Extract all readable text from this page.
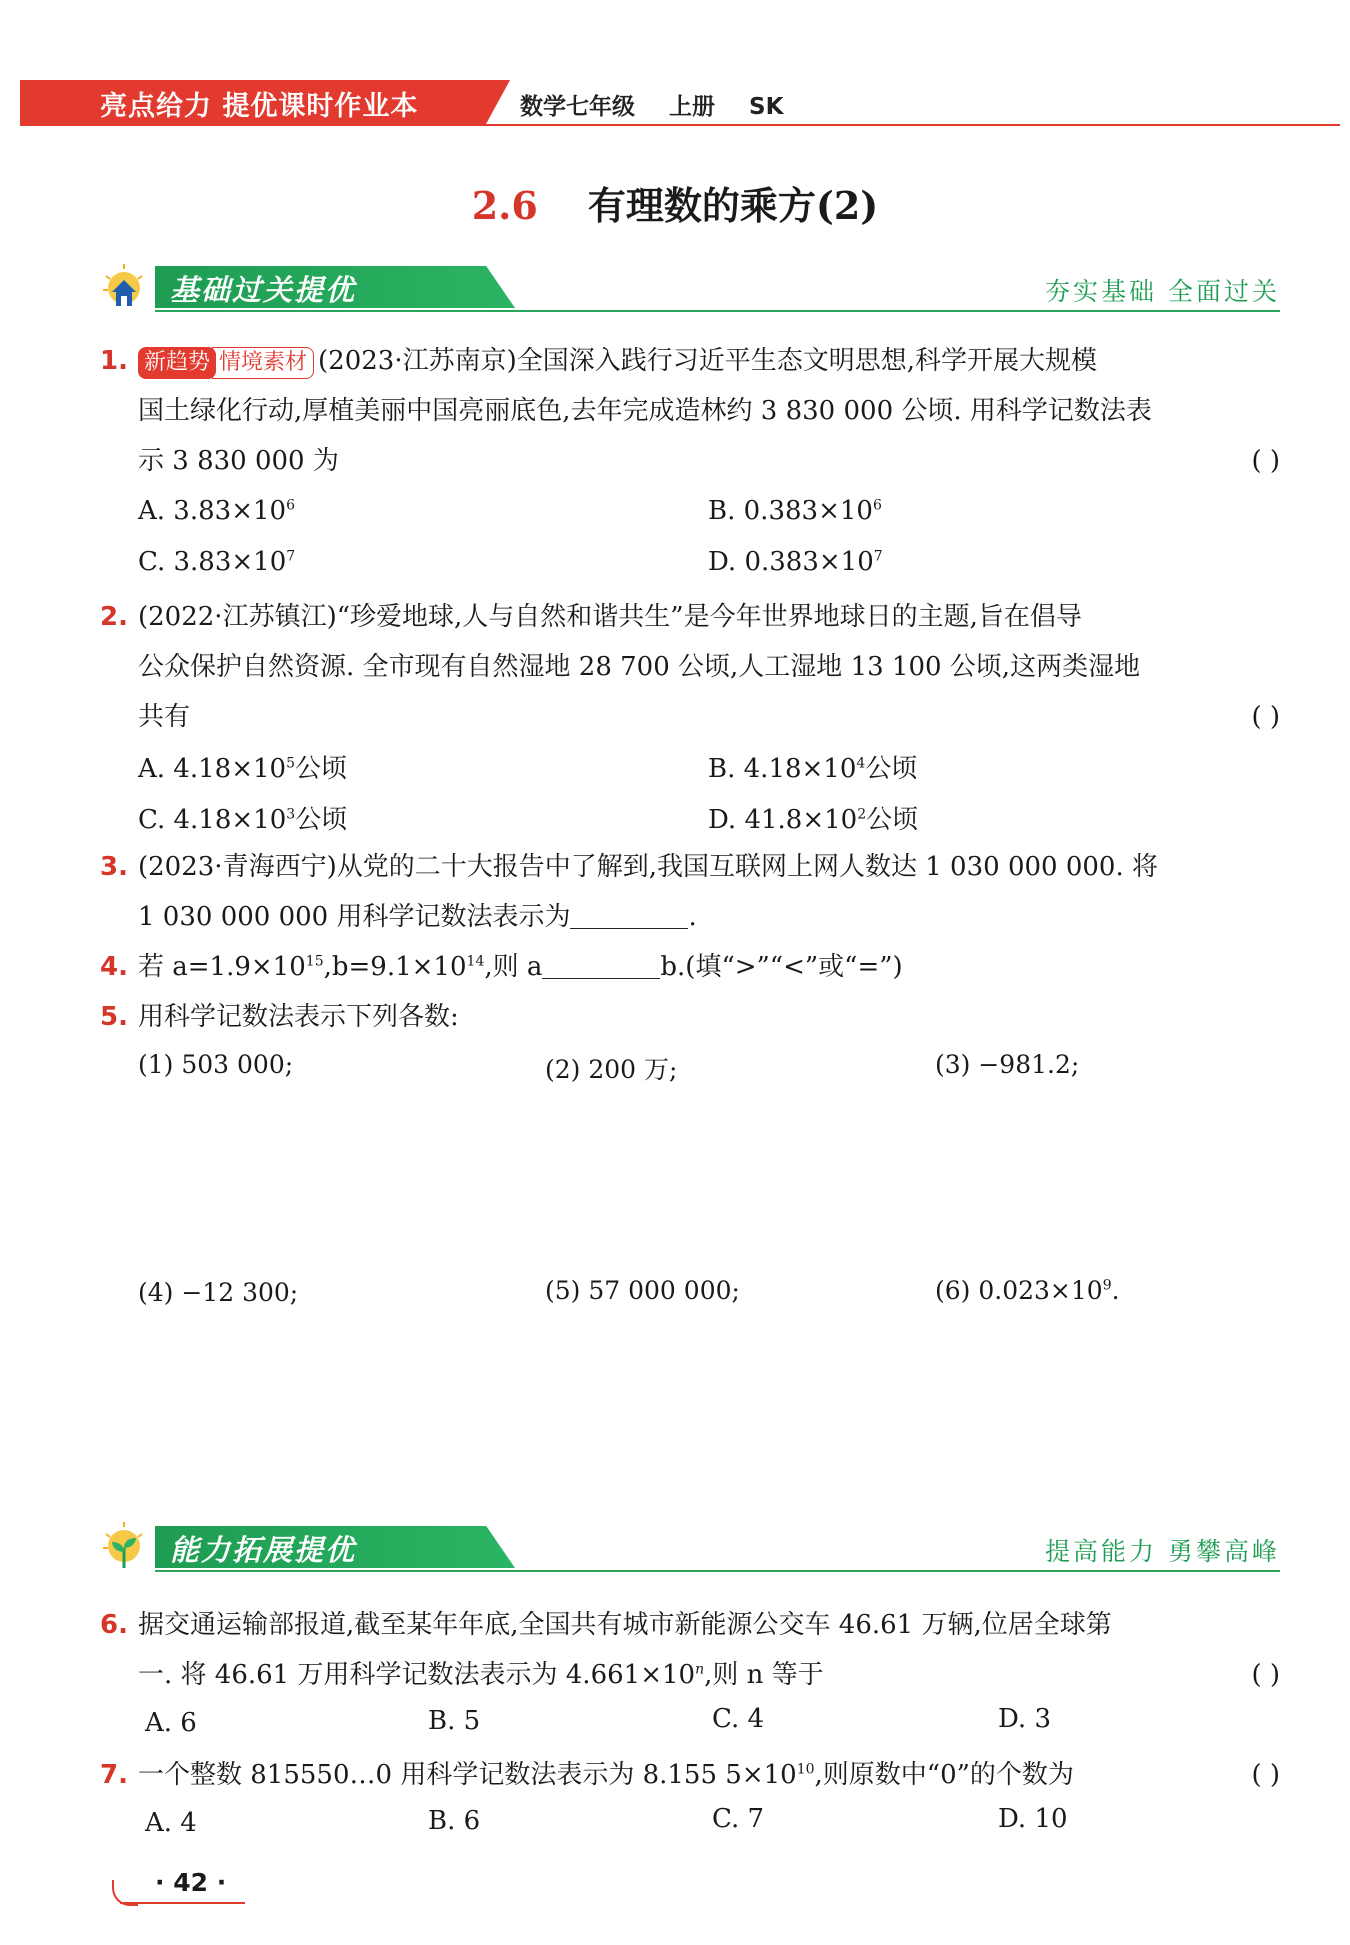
亮点给力 提优课时作业本	数学七年级 上册 SK
2.6 有理数的乘方(2)
基础过关提优	夯实基础 全面过关
1. 新趋势 情境素材 (2023·江苏南京)全国深入践行习近平生态文明思想,科学开展大规模
国土绿化行动,厚植美丽中国亮丽底色,去年完成造林约 3 830 000 公顷. 用科学记数法表
示 3 830 000 为	( )
A. $3.83\times 10^6$	B. $0.383\times 10^6$
C. $3.83\times 10^7$	D. $0.383\times 10^7$
2. (2022·江苏镇江)“珍爱地球,人与自然和谐共生”是今年世界地球日的主题,旨在倡导
公众保护自然资源. 全市现有自然湿地 28 700 公顷,人工湿地 13 100 公顷,这两类湿地
共有	( )
A. $4.18\times 10^5$公顷	B. $4.18\times 10^4$公顷
C. $4.18\times 10^3$公顷	D. $41.8\times 10^2$公顷
3. (2023·青海西宁)从党的二十大报告中了解到,我国互联网上网人数达 1 030 000 000. 将
1 030 000 000 用科学记数法表示为	.
4. 若 $a=1.9\times 10^{15},b=9.1\times 10^{14}$,则 a	b.(填“>”“<”或“=”)
5. 用科学记数法表示下列各数:
(1) 503 000;	(2) 200 万;	(3) −981.2;
(4) −12 300;	(5) 57 000 000;	(6) $0.023\times 10^9$.
能力拓展提优	提高能力 勇攀高峰
6. 据交通运输部报道,截至某年年底,全国共有城市新能源公交车 46.61 万辆,位居全球第
一. 将 46.61 万用科学记数法表示为 $4.661\times 10^n$,则 n 等于	( )
A. 6	B. 5	C. 4	D. 3
7. 一个整数 815550…0 用科学记数法表示为 8.155 $5\times 10^{10}$,则原数中“0”的个数为	( )
A. 4	B. 6	C. 7	D. 10
· 42 ·
